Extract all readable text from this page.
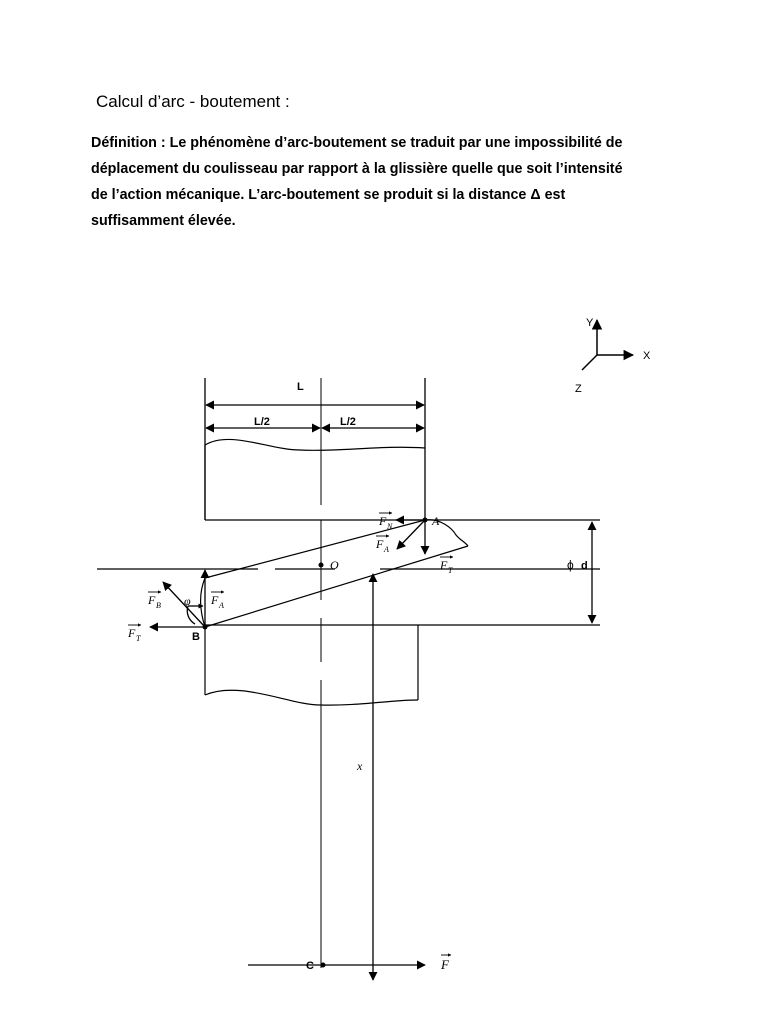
Calcul d’arc - boutement :
Définition : Le phénomène d’arc-boutement se traduit par une impossibilité de
déplacement du coulisseau par rapport à la glissière quelle que soit l’intensité
de l’action mécanique. L’arc-boutement se produit si la distance Δ est
suffisamment élevée.
Y
X
Z
L
L/2	L/2
ϕ d
O
A
F N
F A
F T
B
φ
F B	F A
F T
x
C	F
